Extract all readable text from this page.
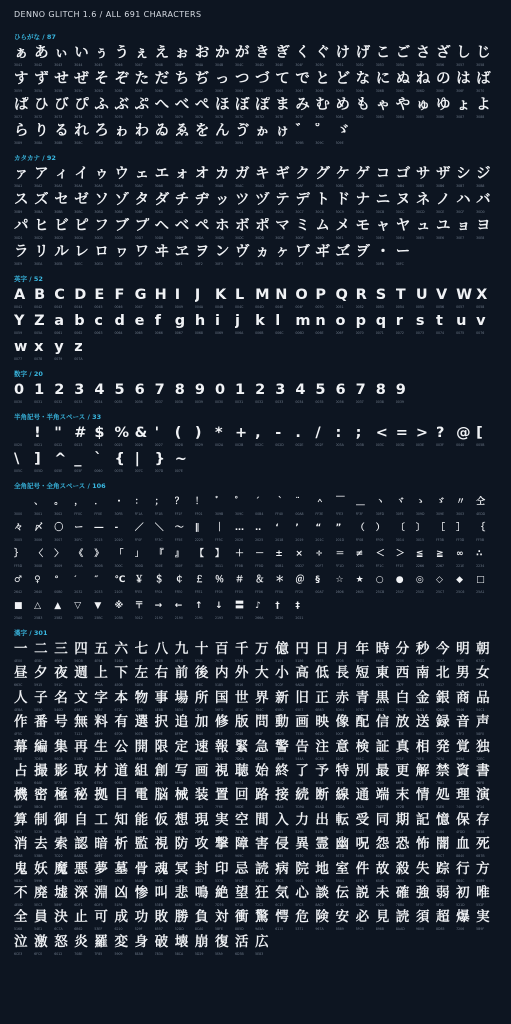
DENNO GLITCH 1.6 / ALL 691 CHARACTERS
ひらがな / 87
ぁ
3041
あ
3042
ぃ
3043
い
3044
ぅ
3045
う
3046
ぇ
3047
え
3048
ぉ
3049
お
304A
か
304B
が
304C
き
304D
ぎ
304E
く
304F
ぐ
3050
け
3051
げ
3052
こ
3053
ご
3054
さ
3055
ざ
3056
し
3057
じ
3058
す
3059
ず
305A
せ
305B
ぜ
305C
そ
305D
ぞ
305E
た
305F
だ
3060
ち
3061
ぢ
3062
っ
3063
つ
3064
づ
3065
て
3066
で
3067
と
3068
ど
3069
な
306A
に
306B
ぬ
306C
ね
306D
の
306E
は
306F
ば
3070
ぱ
3071
ひ
3072
び
3073
ぴ
3074
ふ
3075
ぶ
3076
ぷ
3077
へ
3078
べ
3079
ぺ
307A
ほ
307B
ぼ
307C
ぽ
307D
ま
307E
み
307F
む
3080
め
3081
も
3082
ゃ
3083
や
3084
ゅ
3085
ゆ
3086
ょ
3087
よ
3088
ら
3089
り
308A
る
308B
れ
308C
ろ
308D
ゎ
308E
わ
308F
ゐ
3090
ゑ
3091
を
3092
ん
3093
ゔ
3094
ゕ
3095
ゖ
3096
゛
309B
゜
309C
ゞ
309E
カタカナ / 92
ァ
30A1
ア
30A2
ィ
30A3
イ
30A4
ゥ
30A5
ウ
30A6
ェ
30A7
エ
30A8
ォ
30A9
オ
30AA
カ
30AB
ガ
30AC
キ
30AD
ギ
30AE
ク
30AF
グ
30B0
ケ
30B1
ゲ
30B2
コ
30B3
ゴ
30B4
サ
30B5
ザ
30B6
シ
30B7
ジ
30B8
ス
30B9
ズ
30BA
セ
30BB
ゼ
30BC
ソ
30BD
ゾ
30BE
タ
30BF
ダ
30C0
チ
30C1
ヂ
30C2
ッ
30C3
ツ
30C4
ヅ
30C5
テ
30C6
デ
30C7
ト
30C8
ド
30C9
ナ
30CA
ニ
30CB
ヌ
30CC
ネ
30CD
ノ
30CE
ハ
30CF
バ
30D0
パ
30D1
ヒ
30D2
ビ
30D3
ピ
30D4
フ
30D5
ブ
30D6
プ
30D7
ヘ
30D8
ベ
30D9
ペ
30DA
ホ
30DB
ボ
30DC
ポ
30DD
マ
30DE
ミ
30DF
ム
30E0
メ
30E1
モ
30E2
ャ
30E3
ヤ
30E4
ュ
30E5
ユ
30E6
ョ
30E7
ヨ
30E8
ラ
30E9
リ
30EA
ル
30EB
レ
30EC
ロ
30ED
ヮ
30EE
ワ
30EF
ヰ
30F0
ヱ
30F1
ヲ
30F2
ン
30F3
ヴ
30F4
ヵ
30F5
ヶ
30F6
ヷ
30F7
ヸ
30F8
ヹ
30F9
ヺ
30FA
・
30FB
ー
30FC
英字 / 52
A
0041
B
0042
C
0043
D
0044
E
0045
F
0046
G
0047
H
0048
I
0049
J
004A
K
004B
L
004C
M
004D
N
004E
O
004F
P
0050
Q
0051
R
0052
S
0053
T
0054
U
0055
V
0056
W
0057
X
0058
Y
0059
Z
005A
a
0061
b
0062
c
0063
d
0064
e
0065
f
0066
g
0067
h
0068
i
0069
j
006A
k
006B
l
006C
m
006D
n
006E
o
006F
p
0070
q
0071
r
0072
s
0073
t
0074
u
0075
v
0076
w
0077
x
0078
y
0079
z
007A
数字 / 20
0
0030
1
0031
2
0032
3
0033
4
0034
5
0035
6
0036
7
0037
8
0038
9
0039
0
0030
1
0031
2
0032
3
0033
4
0034
5
0035
6
0036
7
0037
8
0038
9
0039
半角記号・半角スペース / 33
0020
!
0021
"
0022
#
0023
$
0024
%
0025
&
0026
'
0027
(
0028
)
0029
*
002A
+
002B
,
002C
-
002D
.
002E
/
002F
:
003A
;
003B
<
003C
=
003D
>
003E
?
003F
@
0040
[
005B
\
005C
]
005D
^
005E
_
005F
`
0060
{
007B
|
007C
}
007D
~
007E
全角記号・全角スペース / 106

3000
、
3001
。
3002
，
FF0C
．
FF0E
・
30FB
：
FF1A
；
FF1B
？
FF1F
！
FF01
゛
309B
゜
309C
´
00B4
｀
FF40
¨
00A8
＾
FF3E
￣
FFE3
＿
FF3F
ヽ
30FD
ヾ
30FE
ゝ
309D
ゞ
309E
〃
3003
仝
4EDD
々
3005
〆
3006
〇
3007
ー
30FC
―
2015
‐
2010
／
FF0F
＼
FF3C
～
FF5E
∥
2225
｜
FF5C
…
2026
‥
2025
‘
2018
’
2019
“
201C
”
201D
（
FF08
）
FF09
〔
3014
〕
3015
［
FF3B
］
FF3D
｛
FF5B
｝
FF5D
〈
3008
〉
3009
《
300A
》
300B
「
300C
」
300D
『
300E
』
300F
【
3010
】
3011
＋
FF0B
－
FF0D
±
00B1
×
00D7
÷
00F7
＝
FF1D
≠
2260
＜
FF1C
＞
FF1E
≦
2266
≧
2267
∞
221E
∴
2234
♂
2642
♀
2640
°
00B0
′
2032
″
2033
℃
2103
￥
FFE5
＄
FF04
￠
FFE0
￡
FFE1
％
FF05
＃
FF03
＆
FF06
＊
FF0A
＠
FF20
§
00A7
☆
2606
★
2605
○
25CB
●
25CF
◎
25CE
◇
25C7
◆
25C6
□
25A1
■
25A0
△
25B3
▲
25B2
▽
25BD
▼
25BC
※
203B
〒
3012
→
2192
←
2190
↑
2191
↓
2193
〓
3013
♪
266A
†
2020
‡
2021
漢字 / 301
一
4E00
二
4E8C
三
4E09
四
56DB
五
4E94
六
516D
七
4E03
八
516B
九
4E5D
十
5341
百
767E
千
5343
万
4E07
億
5104
円
5186
日
65E5
月
6708
年
5E74
時
6642
分
5206
秒
79D2
今
4ECA
明
660E
朝
671D
昼
663C
夕
5915
夜
591C
週
9031
上
4E0A
下
4E0B
左
5DE6
右
53F3
前
524D
後
5F8C
内
5185
外
5916
大
5927
小
5C0F
高
9AD8
低
4F4E
長
9577
短
77ED
東
6771
西
897F
南
5357
北
5317
男
7537
女
5973
人
4EBA
子
5B50
名
540D
文
6587
字
5B57
本
672C
物
7269
事
4E8B
場
5834
所
6240
国
56FD
世
4E16
界
754C
新
65B0
旧
65E7
正
6B63
赤
8D64
青
9752
黒
9ED2
白
767D
金
91D1
銀
9280
商
5546
品
54C1
作
4F5C
番
756A
号
53F7
無
7121
料
6599
有
6709
選
9078
択
629E
追
8FFD
加
52A0
修
4FEE
版
7248
問
554F
動
52D5
画
753B
映
6620
像
50CF
配
914D
信
4FE1
放
653E
送
9001
録
9332
音
97F3
声
58F0
幕
5E55
編
7DE8
集
96C6
再
518D
生
751F
公
516C
開
958B
限
9650
定
5B9A
速
901F
報
5831
緊
7DCA
急
6025
警
8B66
告
544A
注
6CE8
意
610F
検
691C
証
8A3C
真
771F
相
76F8
発
767A
覚
899A
独
72EC
占
5360
撮
64AE
影
5F71
取
53D6
材
6750
道
9053
組
7D44
創
5275
写
5199
画
753B
視
8996
聴
8074
始
59CB
終
7D42
了
4E86
予
4E88
特
7279
別
5225
最
6700
更
66F4
解
89E3
禁
7981
資
8CC7
書
66F8
機
6A5F
密
5BC6
極
6975
秘
79D8
拠
62E0
目
76EE
電
96FB
脳
8133
械
68B0
装
88C5
置
7F6E
回
56DE
路
8DEF
接
63A5
続
7D9A
断
65AD
線
7DDA
通
901A
端
7AEF
末
672B
情
60C5
処
51E6
理
7406
演
6F14
算
7B97
制
5236
御
5FA1
自
81EA
工
5DE5
知
77E5
能
80FD
仮
4EEE
想
60F3
現
73FE
実
5B9F
空
7A7A
間
9593
入
5165
力
529B
出
51FA
転
8EE2
受
53D7
同
540C
期
671F
記
8A18
憶
61B6
保
4FDD
存
5B58
消
6D88
去
53BB
索
7D22
認
8A8D
暗
6697
析
6790
監
76E3
視
8996
防
9632
攻
653B
撃
6483
障
969C
害
5BB3
侵
4FB5
異
7570
霊
970A
幽
5E7D
呪
546A
怨
6028
恐
6050
怖
6016
闇
95C7
血
8840
死
6B7B
鬼
9B3C
妖
5996
魔
9B54
悪
60AA
夢
5922
墓
5893
骨
9AA8
魂
9B42
冥
51A5
封
5C01
印
5370
忌
5FCC
読
8AAD
病
75C5
院
9662
地
5730
室
5BA4
件
4EF6
故
6545
殺
6BBA
失
5931
踪
8E2A
行
884C
方
65B9
不
4E0D
廃
5EC3
墟
589F
深
6DF1
淵
6DF5
凶
51F6
惨
60E8
叫
53EB
悲
60B2
鳴
9CF4
絶
7D76
望
671B
狂
72C2
気
6C17
心
5FC3
談
8AC7
伝
4F1D
説
8AAC
未
672A
確
78BA
強
5F37
弱
5F31
初
521D
唯
552F
全
5168
員
54E1
決
6C7A
止
6B62
可
53EF
成
6210
功
529F
敗
6557
勝
52DD
負
8CA0
対
5BFE
衝
885D
驚
9A5A
愕
6115
危
5371
険
967A
安
5B89
必
5FC5
見
898B
読
8AAD
須
9808
超
8D85
爆
7206
実
5B9F
泣
6CE3
激
6FC0
怒
6012
炎
708E
羅
7F85
変
5909
身
8EAB
破
7834
壊
58CA
崩
5D29
復
5FA9
活
6D3B
広
5E83
